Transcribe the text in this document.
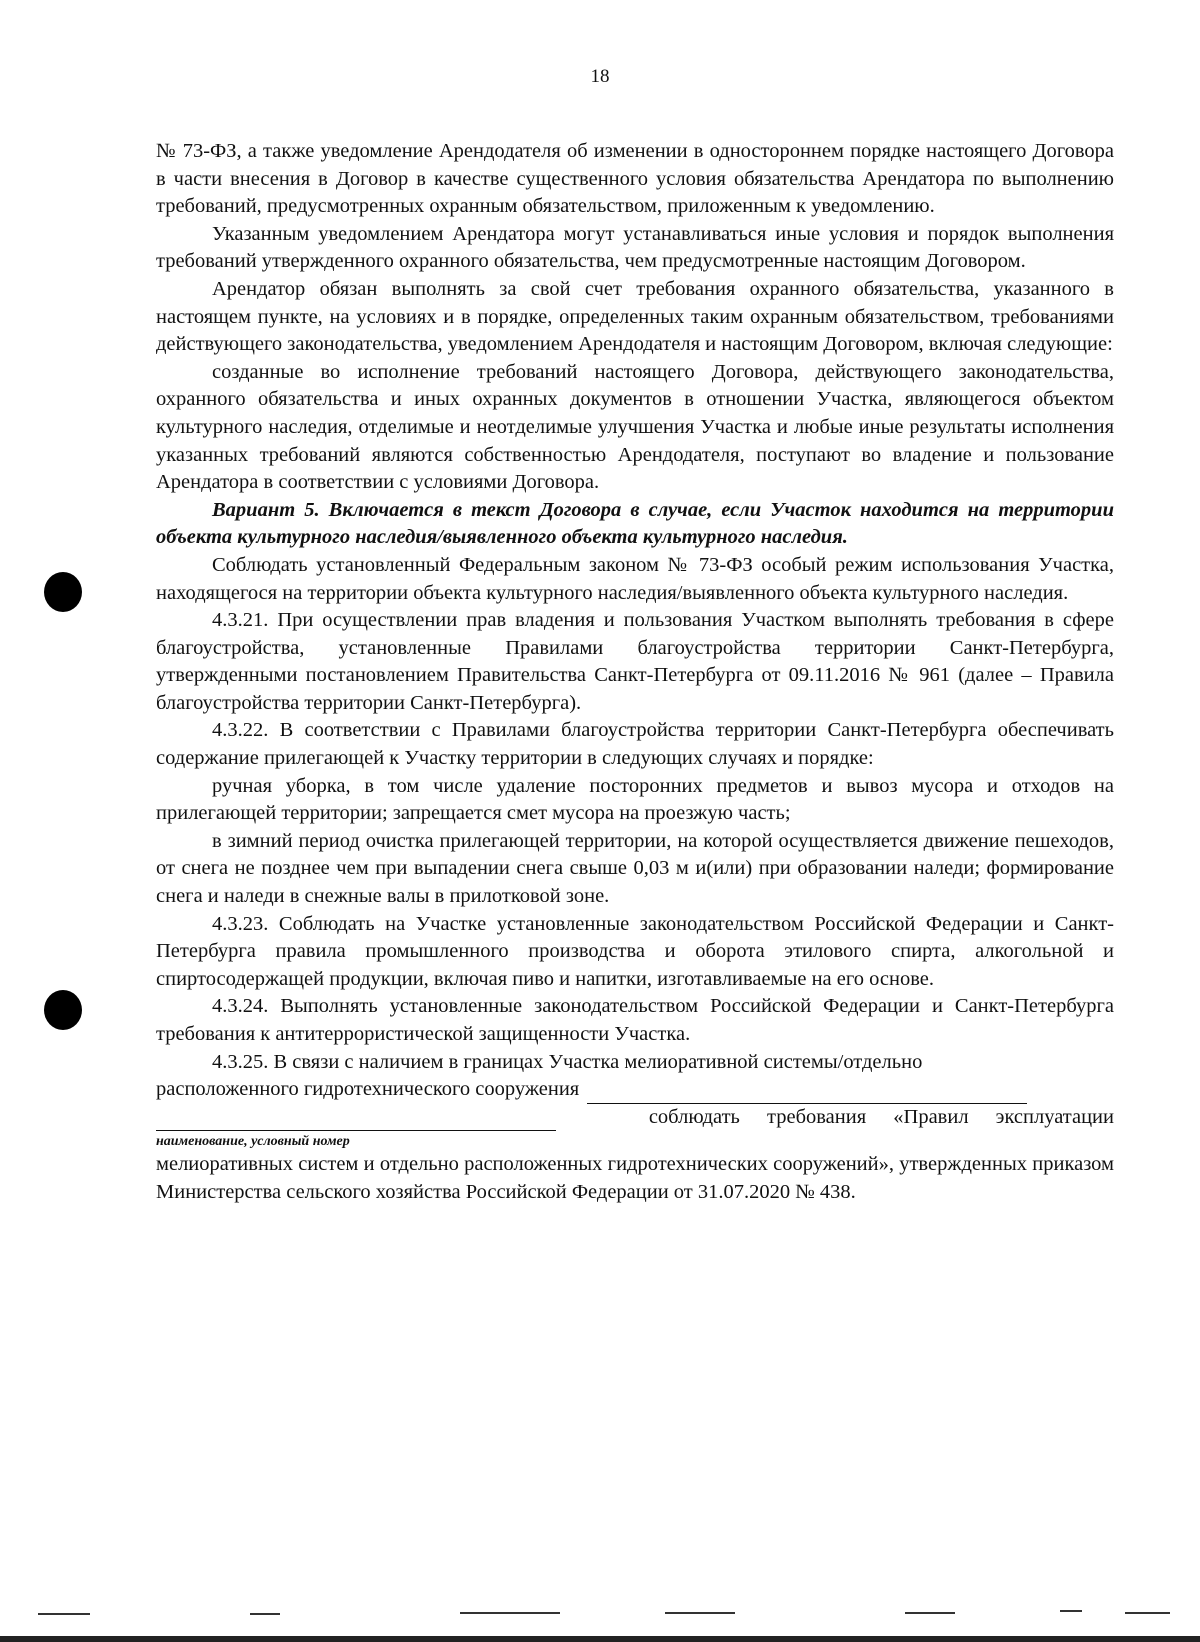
18

№ 73-ФЗ, а также уведомление Арендодателя об изменении в одностороннем порядке настоящего Договора в части внесения в Договор в качестве существенного условия обязательства Арендатора по выполнению требований, предусмотренных охранным обязательством, приложенным к уведомлению.

Указанным уведомлением Арендатора могут устанавливаться иные условия и порядок выполнения требований утвержденного охранного обязательства, чем предусмотренные настоящим Договором.

Арендатор обязан выполнять за свой счет требования охранного обязательства, указанного в настоящем пункте, на условиях и в порядке, определенных таким охранным обязательством, требованиями действующего законодательства, уведомлением Арендодателя и настоящим Договором, включая следующие:

созданные во исполнение требований настоящего Договора, действующего законодательства, охранного обязательства и иных охранных документов в отношении Участка, являющегося объектом культурного наследия, отделимые и неотделимые улучшения Участка и любые иные результаты исполнения указанных требований являются собственностью Арендодателя, поступают во владение и пользование Арендатора в соответствии с условиями Договора.

Вариант 5. Включается в текст Договора в случае, если Участок находится на территории объекта культурного наследия/выявленного объекта культурного наследия.

Соблюдать установленный Федеральным законом № 73-ФЗ особый режим использования Участка, находящегося на территории объекта культурного наследия/выявленного объекта культурного наследия.

4.3.21. При осуществлении прав владения и пользования Участком выполнять требования в сфере благоустройства, установленные Правилами благоустройства территории Санкт-Петербурга, утвержденными постановлением Правительства Санкт-Петербурга от 09.11.2016 № 961 (далее – Правила благоустройства территории Санкт-Петербурга).

4.3.22. В соответствии с Правилами благоустройства территории Санкт-Петербурга обеспечивать содержание прилегающей к Участку территории в следующих случаях и порядке:

ручная уборка, в том числе удаление посторонних предметов и вывоз мусора и отходов на прилегающей территории; запрещается смет мусора на проезжую часть;

в зимний период очистка прилегающей территории, на которой осуществляется движение пешеходов, от снега не позднее чем при выпадении снега свыше 0,03 м и(или) при образовании наледи; формирование снега и наледи в снежные валы в прилотковой зоне.

4.3.23. Соблюдать на Участке установленные законодательством Российской Федерации и Санкт-Петербурга правила промышленного производства и оборота этилового спирта, алкогольной и спиртосодержащей продукции, включая пиво и напитки, изготавливаемые на его основе.

4.3.24. Выполнять установленные законодательством Российской Федерации и Санкт-Петербурга требования к антитеррористической защищенности Участка.

4.3.25. В связи с наличием в границах Участка мелиоративной системы/отдельно

расположенного гидротехнического сооружения
соблюдать требования «Правил эксплуатации
наименование, условный номер

мелиоративных систем и отдельно расположенных гидротехнических сооружений», утвержденных приказом Министерства сельского хозяйства Российской Федерации от 31.07.2020 № 438.
